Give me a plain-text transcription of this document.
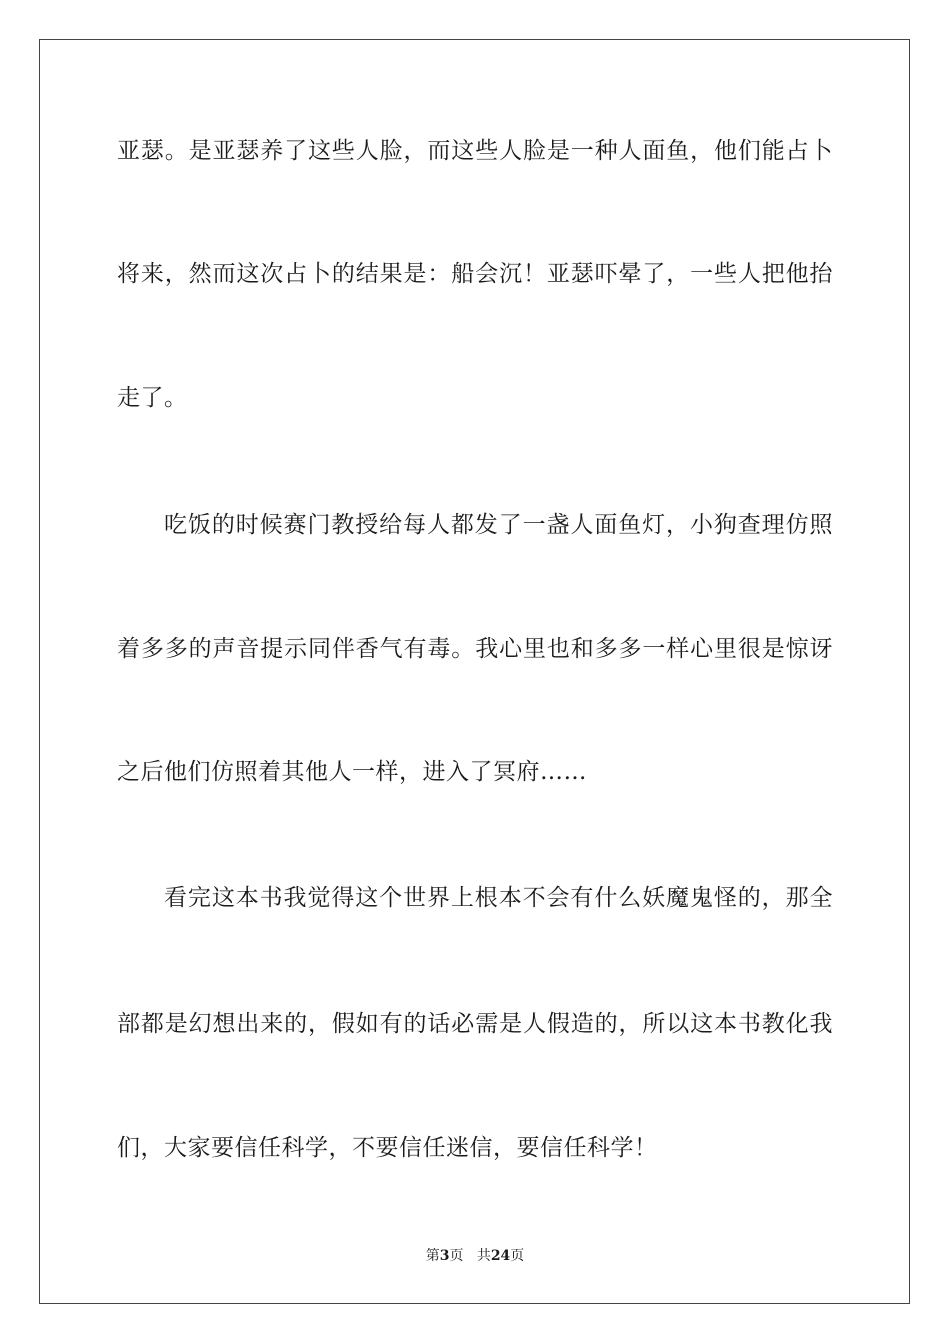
亚瑟。是亚瑟养了这些人脸，而这些人脸是一种人面鱼，他们能占卜
将来，然而这次占卜的结果是：船会沉！亚瑟吓晕了，一些人把他抬
走了。
吃饭的时候赛门教授给每人都发了一盏人面鱼灯，小狗查理仿照
着多多的声音提示同伴香气有毒。我心里也和多多一样心里很是惊讶
之后他们仿照着其他人一样，进入了冥府……
看完这本书我觉得这个世界上根本不会有什么妖魔鬼怪的，那全
部都是幻想出来的，假如有的话必需是人假造的，所以这本书教化我
们，大家要信任科学，不要信任迷信，要信任科学！
第3页 共24页
